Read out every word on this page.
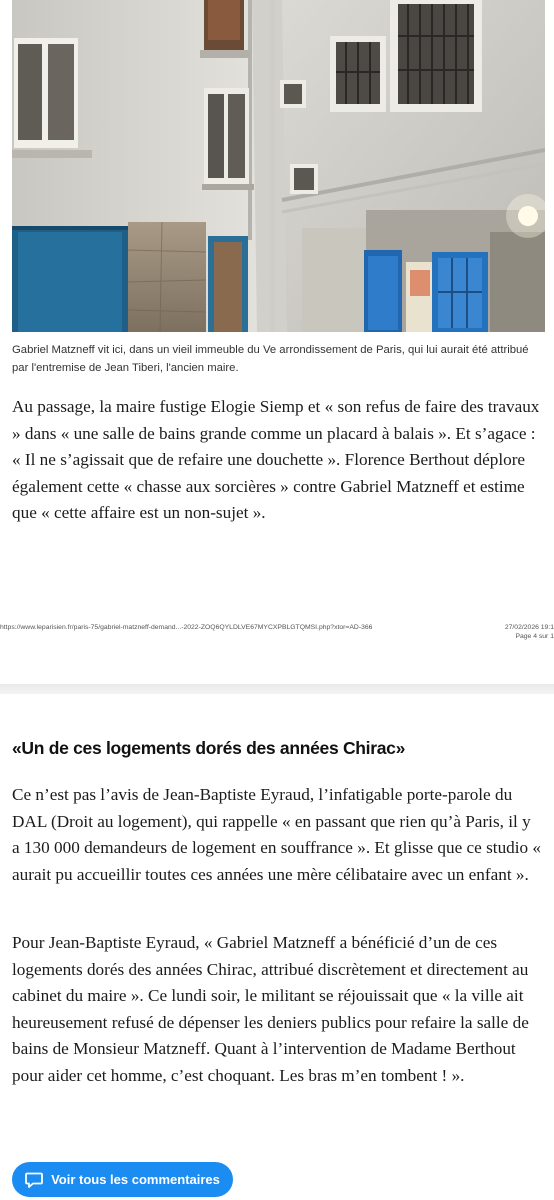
Gabriel Matzneff vit ici, dans un vieil immeuble du Ve arrondissement de Paris, qui lui aurait été attribué par l'entremise de Jean Tiberi, l'ancien maire.

Au passage, la maire fustige Elogie Siemp et « son refus de faire des travaux » dans « une salle de bains grande comme un placard à balais ». Et s’agace : « Il ne s’agissait que de refaire une douchette ». Florence Berthout déplore également cette « chasse aux sorcières » contre Gabriel Matzneff et estime que « cette affaire est un non-sujet ».

https://www.leparisien.fr/paris-75/gabriel-matzneff-demand...-2022-ZOQ6QYLDLVE67MYCXPBLGTQMSI.php?xtor=AD-366	27/02/2026 19:1
Page 4 sur 1
«Un de ces logements dorés des années Chirac»

Ce n’est pas l’avis de Jean-Baptiste Eyraud, l’infatigable porte-parole du DAL (Droit au logement), qui rappelle « en passant que rien qu’à Paris, il y a 130 000 demandeurs de logement en souffrance ». Et glisse que ce studio « aurait pu accueillir toutes ces années une mère célibataire avec un enfant ».

Pour Jean-Baptiste Eyraud, « Gabriel Matzneff a bénéficié d’un de ces logements dorés des années Chirac, attribué discrètement et directement au cabinet du maire ». Ce lundi soir, le militant se réjouissait que « la ville ait heureusement refusé de dépenser les deniers publics pour refaire la salle de bains de Monsieur Matzneff. Quant à l’intervention de Madame Berthout pour aider cet homme, c’est choquant. Les bras m’en tombent ! ».

Voir tous les commentaires
